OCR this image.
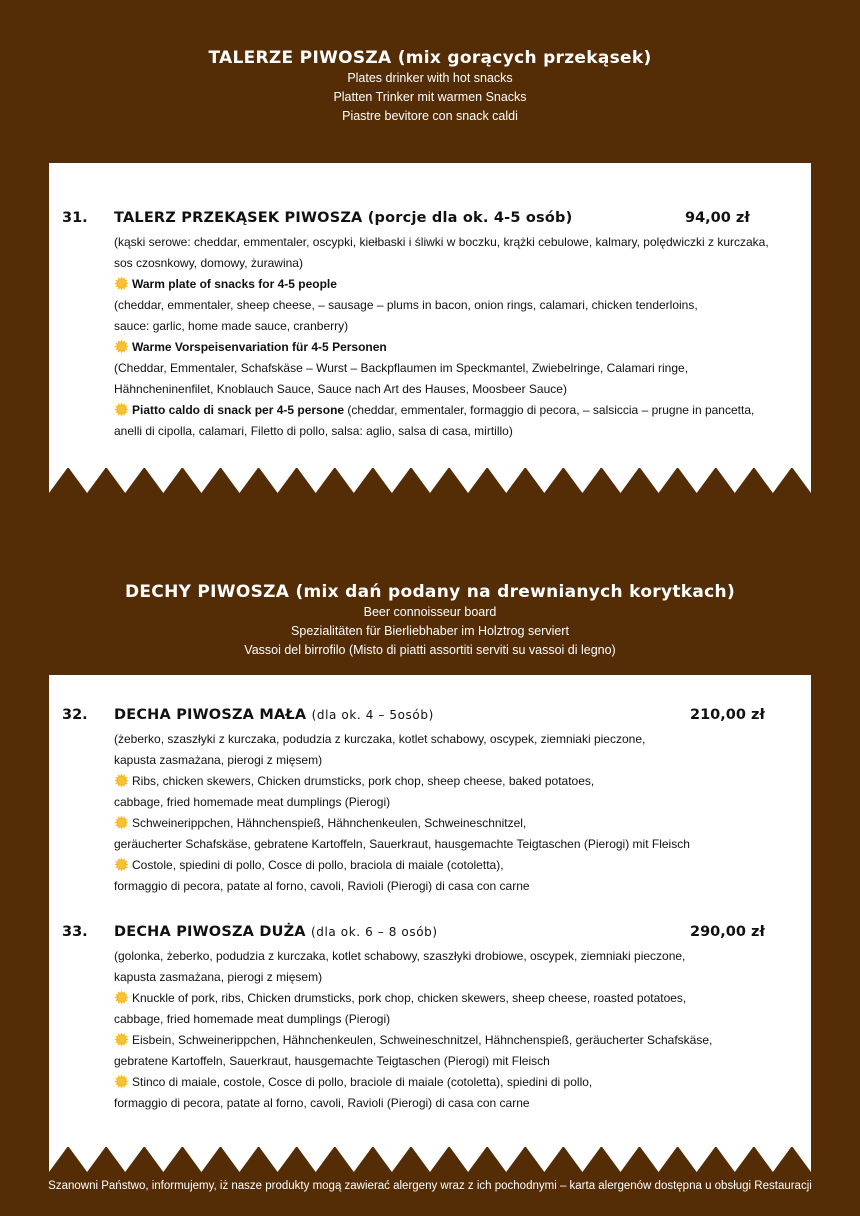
TALERZE PIWOSZA (mix gorących przekąsek)
Plates drinker with hot snacks
Platten Trinker mit warmen Snacks
Piastre bevitore con snack caldi
31. TALERZ PRZEKĄSEK PIWOSZA (porcje dla ok. 4-5 osób)	94,00 zł
(kąski serowe: cheddar, emmentaler, oscypki, kiełbaski i śliwki w boczku, krążki cebulowe, kalmary, polędwiczki z kurczaka,
sos czosnkowy, domowy, żurawina)
Warm plate of snacks for 4-5 people
(cheddar, emmentaler, sheep cheese, – sausage – plums in bacon, onion rings, calamari, chicken tenderloins,
sauce: garlic, home made sauce, cranberry)
Warme Vorspeisenvariation für 4-5 Personen
(Cheddar, Emmentaler, Schafskäse – Wurst – Backpflaumen im Speckmantel, Zwiebelringe, Calamari ringe,
Hähncheninenfilet, Knoblauch Sauce, Sauce nach Art des Hauses, Moosbeer Sauce)
Piatto caldo di snack per 4-5 persone (cheddar, emmentaler, formaggio di pecora, – salsiccia – prugne in pancetta,
anelli di cipolla, calamari, Filetto di pollo, salsa: aglio, salsa di casa, mirtillo)
DECHY PIWOSZA (mix dań podany na drewnianych korytkach)
Beer connoisseur board
Spezialitäten für Bierliebhaber im Holztrog serviert
Vassoi del birrofilo (Misto di piatti assortiti serviti su vassoi di legno)
32. DECHA PIWOSZA MAŁA (dla ok. 4 – 5osób)	210,00 zł
(żeberko, szaszłyki z kurczaka, podudzia z kurczaka, kotlet schabowy, oscypek, ziemniaki pieczone,
kapusta zasmażana, pierogi z mięsem)
Ribs, chicken skewers, Chicken drumsticks, pork chop, sheep cheese, baked potatoes,
cabbage, fried homemade meat dumplings (Pierogi)
Schweinerippchen, Hähnchenspieß, Hähnchenkeulen, Schweineschnitzel,
geräucherter Schafskäse, gebratene Kartoffeln, Sauerkraut, hausgemachte Teigtaschen (Pierogi) mit Fleisch
Costole, spiedini di pollo, Cosce di pollo, braciola di maiale (cotoletta),
formaggio di pecora, patate al forno, cavoli, Ravioli (Pierogi) di casa con carne
33. DECHA PIWOSZA DUŻA (dla ok. 6 – 8 osób)	290,00 zł
(golonka, żeberko, podudzia z kurczaka, kotlet schabowy, szaszłyki drobiowe, oscypek, ziemniaki pieczone,
kapusta zasmażana, pierogi z mięsem)
Knuckle of pork, ribs, Chicken drumsticks, pork chop, chicken skewers, sheep cheese, roasted potatoes,
cabbage, fried homemade meat dumplings (Pierogi)
Eisbein, Schweinerippchen, Hähnchenkeulen, Schweineschnitzel, Hähnchenspieß, geräucherter Schafskäse,
gebratene Kartoffeln, Sauerkraut, hausgemachte Teigtaschen (Pierogi) mit Fleisch
Stinco di maiale, costole, Cosce di pollo, braciole di maiale (cotoletta), spiedini di pollo,
formaggio di pecora, patate al forno, cavoli, Ravioli (Pierogi) di casa con carne
Szanowni Państwo, informujemy, iż nasze produkty mogą zawierać alergeny wraz z ich pochodnymi – karta alergenów dostępna u obsługi Restauracji
